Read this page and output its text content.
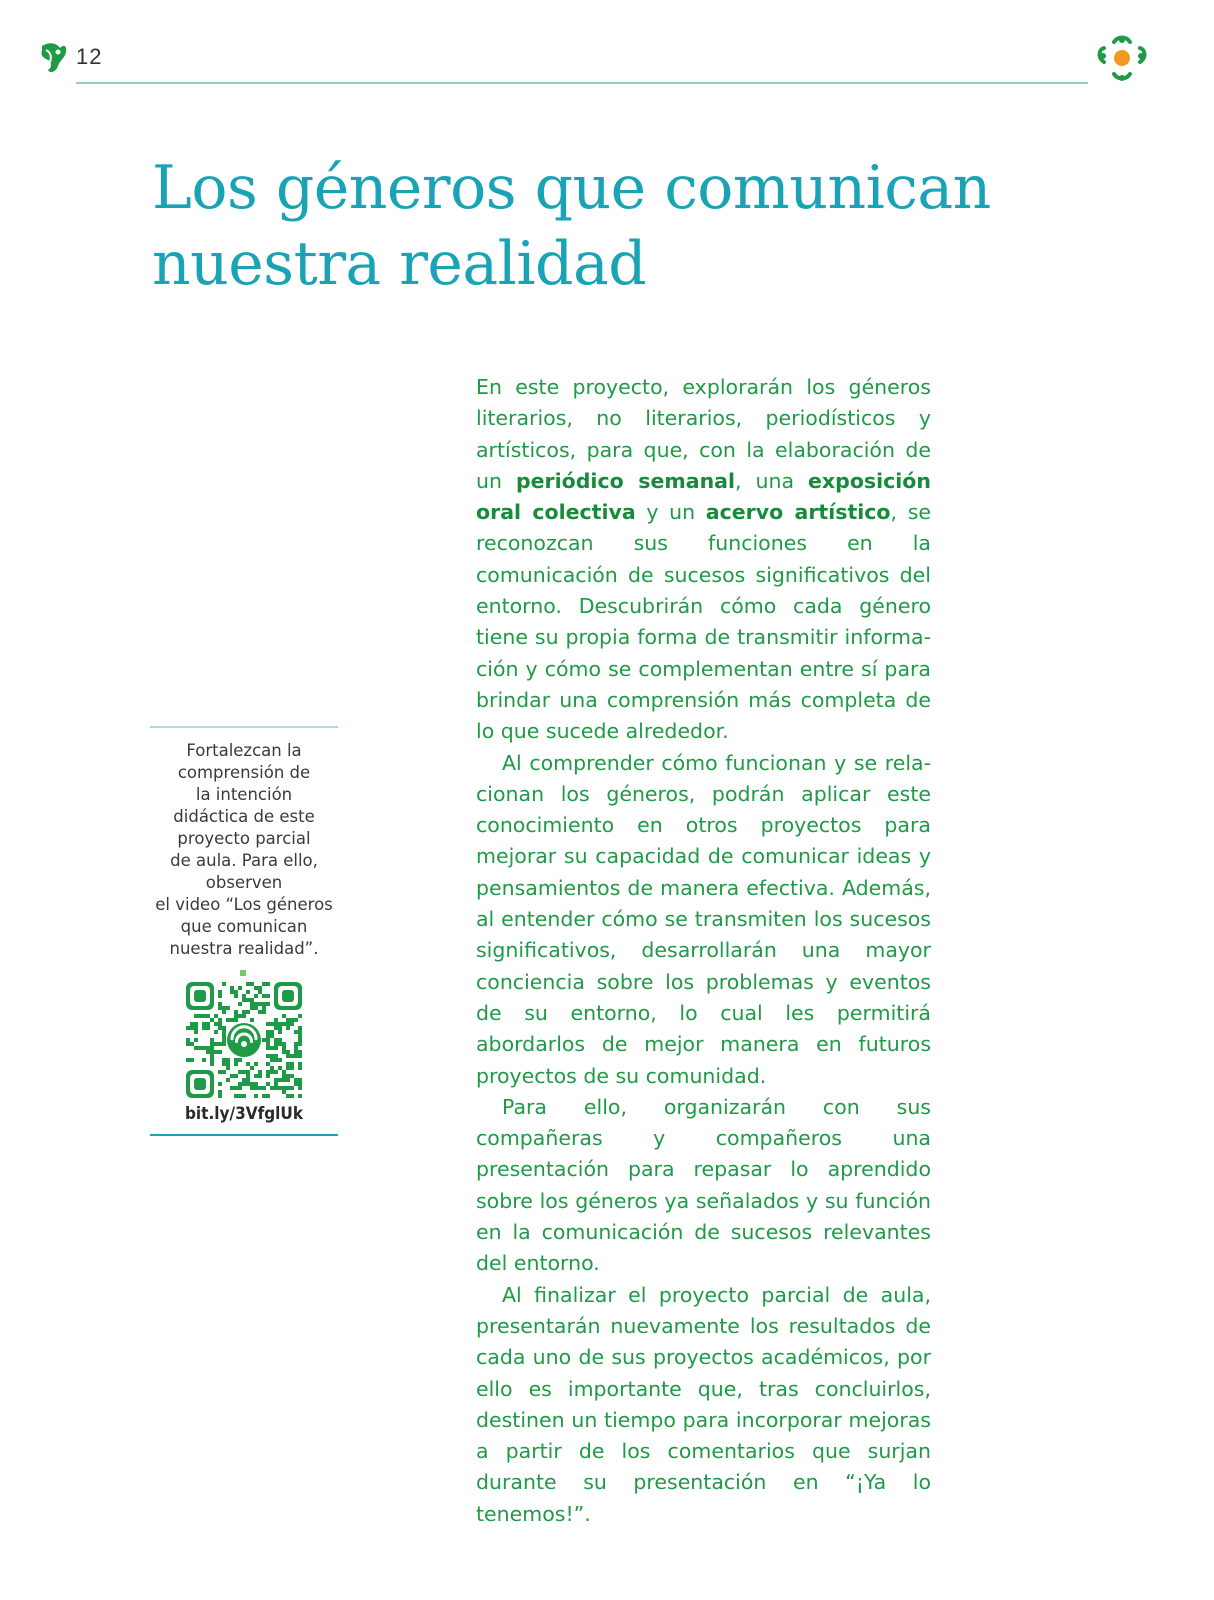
12
Los géneros que comunican
nuestra realidad

Fortalezcan la
comprensión de
la intención
didáctica de este
proyecto parcial
de aula. Para ello,
observen
el video “Los géneros
que comunican
nuestra realidad”.

bit.ly/3VfglUk

En este proyecto, explorarán los géneros literarios, no literarios, periodísticos y artísticos, para que, con la elaboración de un periódico semanal, una exposición oral colectiva y un acervo artístico, se reconozcan sus funciones en la comunicación de sucesos significativos del entorno. Descubrirán cómo cada género tiene su propia forma de transmitir información y cómo se complementan entre sí para brindar una comprensión más completa de lo que sucede alrededor.

Al comprender cómo funcionan y se relacionan los géneros, podrán aplicar este conocimiento en otros proyectos para mejorar su capacidad de comunicar ideas y pensamientos de manera efectiva. Además, al entender cómo se transmiten los sucesos significativos, desarrollarán una mayor conciencia sobre los problemas y eventos de su entorno, lo cual les permitirá abordarlos de mejor manera en futuros proyectos de su comunidad.

Para ello, organizarán con sus compañeras y compañeros una presentación para repasar lo aprendido sobre los géneros ya señalados y su función en la comunicación de sucesos relevantes del entorno.

Al finalizar el proyecto parcial de aula, presentarán nuevamente los resultados de cada uno de sus proyectos académicos, por ello es importante que, tras concluirlos, destinen un tiempo para incorporar mejoras a partir de los comentarios que surjan durante su presentación en “¡Ya lo tenemos!”.
